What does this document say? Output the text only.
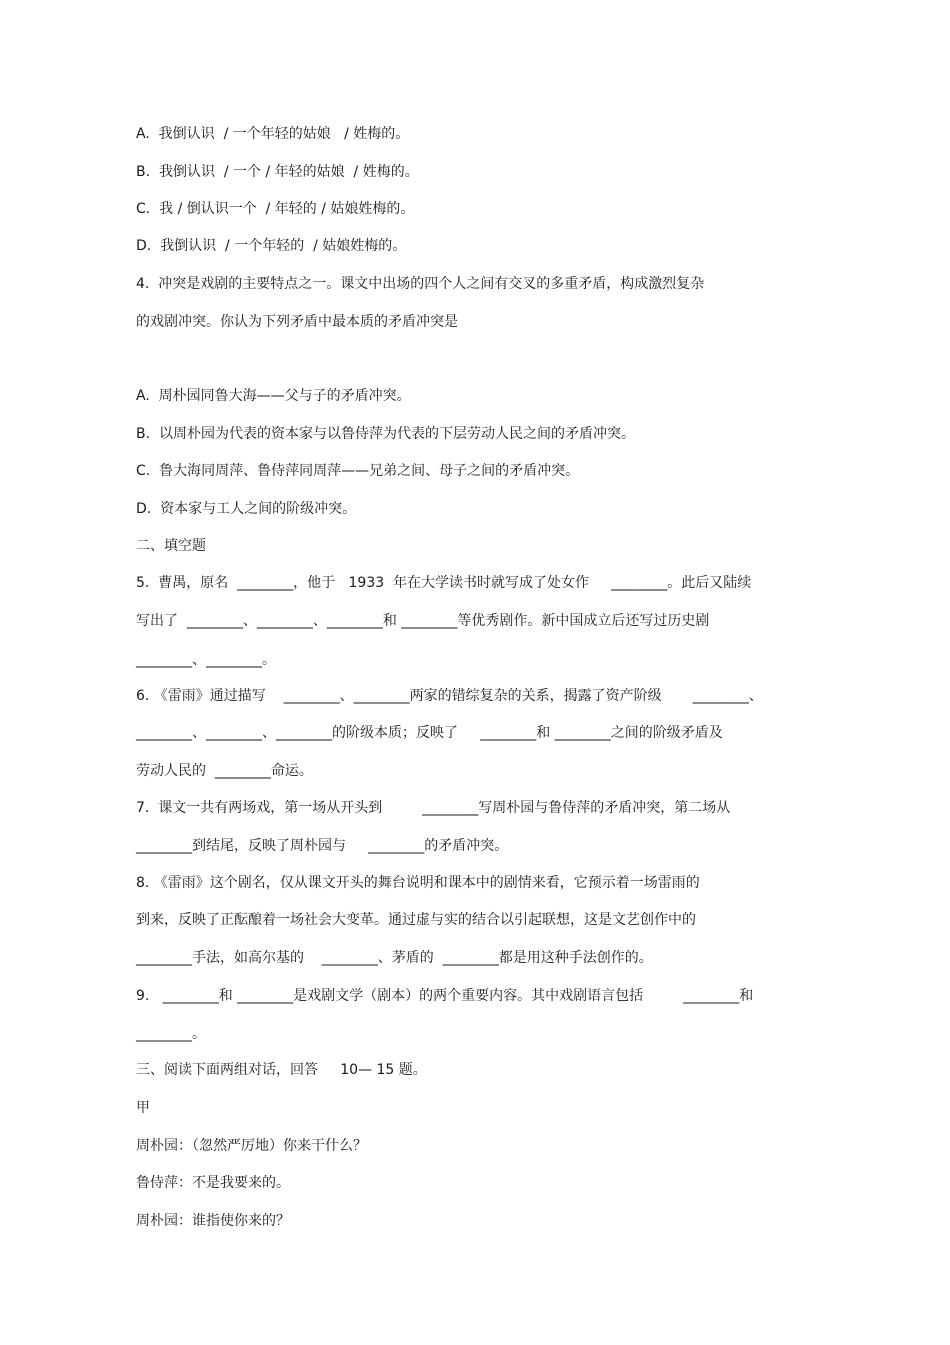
A.  我倒认识  / 一个年轻的姑娘   / 姓梅的。
B.  我倒认识  / 一个 / 年轻的姑娘  / 姓梅的。
C.  我 / 倒认识一个  / 年轻的 / 姑娘姓梅的。
D.  我倒认识  / 一个年轻的  / 姑娘姓梅的。
4.  冲突是戏剧的主要特点之一。课文中出场的四个人之间有交叉的多重矛盾，构成激烈复杂
的戏剧冲突。你认为下列矛盾中最本质的矛盾冲突是
A.  周朴园同鲁大海——父与子的矛盾冲突。
B.  以周朴园为代表的资本家与以鲁侍萍为代表的下层劳动人民之间的矛盾冲突。
C.  鲁大海同周萍、鲁侍萍同周萍——兄弟之间、母子之间的矛盾冲突。
D.  资本家与工人之间的阶级冲突。
二、填空题
5.  曹禺，原名  ________，他于   1933  年在大学读书时就写成了处女作     ________。此后又陆续
写出了  ________、________、________和 ________等优秀剧作。新中国成立后还写过历史剧
________、________。
6. 《雷雨》通过描写    ________、________两家的错综复杂的关系，揭露了资产阶级       ________、
________、________、________的阶级本质；反映了     ________和 ________之间的阶级矛盾及
劳动人民的  ________命运。
7.  课文一共有两场戏，第一场从开头到         ________写周朴园与鲁侍萍的矛盾冲突，第二场从
________到结尾，反映了周朴园与     ________的矛盾冲突。
8. 《雷雨》这个剧名，仅从课文开头的舞台说明和课本中的剧情来看，它预示着一场雷雨的
到来，反映了正酝酿着一场社会大变革。通过虚与实的结合以引起联想，这是文艺创作中的
________手法，如高尔基的    ________、茅盾的  ________都是用这种手法创作的。
9.   ________和 ________是戏剧文学（剧本）的两个重要内容。其中戏剧语言包括         ________和
________。
三、阅读下面两组对话，回答     10— 15 题。
甲
周朴园：（忽然严厉地）你来干什么？
鲁侍萍：不是我要来的。
周朴园：谁指使你来的？
